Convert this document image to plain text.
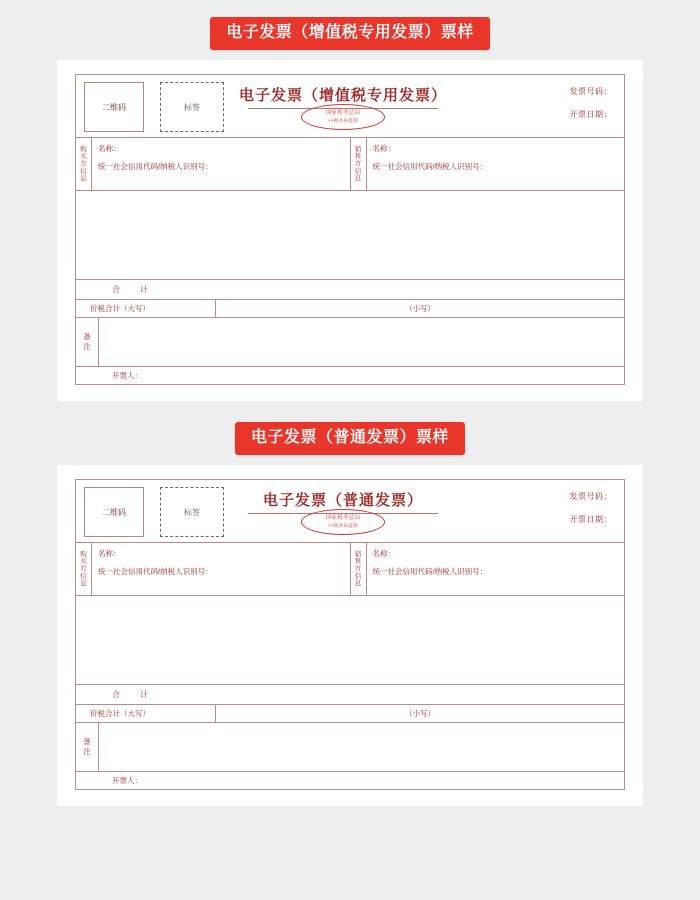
电子发票（增值税专用发票）票样
二维码	标签
电子发票（增值税专用发票）
国家税务总局
××税务局监制
发票号码：
开票日期：
购买方信息
名称：
统一社会信用代码/纳税人识别号：
销售方信息
名称：
统一社会信用代码/纳税人识别号：
合　计
价税合计（大写）	（小写）
备注
开票人：
电子发票（普通发票）票样
二维码	标签
电子发票（普通发票）
国家税务总局
××税务局监制
发票号码：
开票日期：
购买方信息
名称：
统一社会信用代码/纳税人识别号：
销售方信息
名称：
统一社会信用代码/纳税人识别号：
合　计
价税合计（大写）	（小写）
备注
开票人：
